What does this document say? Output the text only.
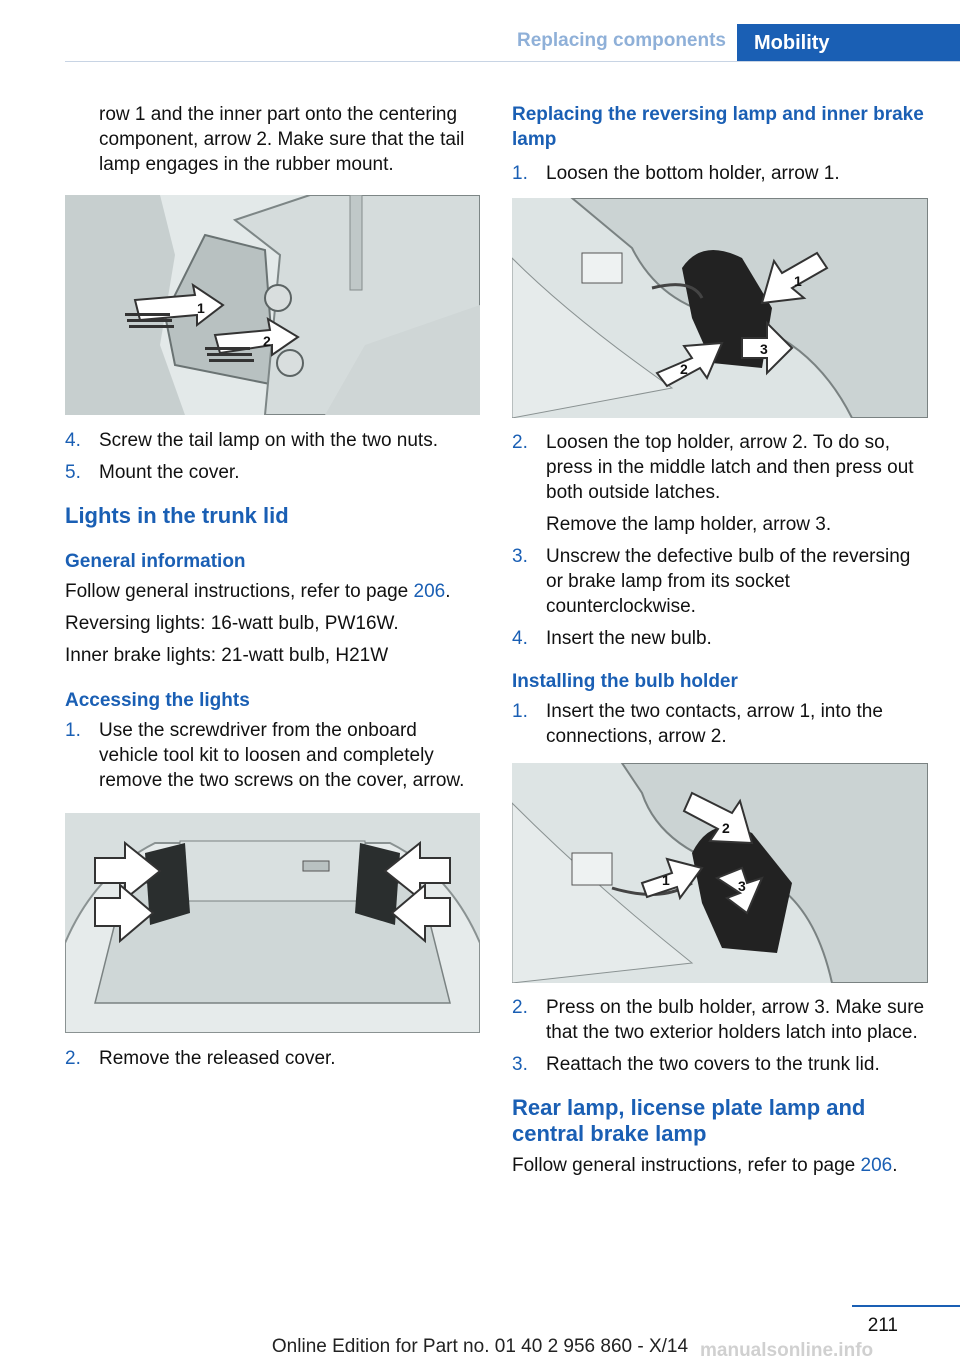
Replacing components	Mobility

row 1 and the inner part onto the centering component, arrow 2. Make sure that the tail lamp engages in the rubber mount.

1
2
4. Screw the tail lamp on with the two nuts.
5. Mount the cover.
Lights in the trunk lid
General information

Follow general instructions, refer to page 206.

Reversing lights: 16-watt bulb, PW16W.

Inner brake lights: 21-watt bulb, H21W

Accessing the lights
1. Use the screwdriver from the onboard vehicle tool kit to loosen and completely remove the two screws on the cover, arrow.
2. Remove the released cover.
Replacing the reversing lamp and inner brake lamp
1. Loosen the bottom holder, arrow 1.
1
2
3
2. Loosen the top holder, arrow 2. To do so, press in the middle latch and then press out both outside latches.
Remove the lamp holder, arrow 3.
3. Unscrew the defective bulb of the reversing or brake lamp from its socket counterclockwise.
4. Insert the new bulb.
Installing the bulb holder
1. Insert the two contacts, arrow 1, into the connections, arrow 2.
2
1	3
2. Press on the bulb holder, arrow 3. Make sure that the two exterior holders latch into place.
3. Reattach the two covers to the trunk lid.
Rear lamp, license plate lamp and central brake lamp

Follow general instructions, refer to page 206.

211
Online Edition for Part no. 01 40 2 956 860 - X/14 manualsonline.info
